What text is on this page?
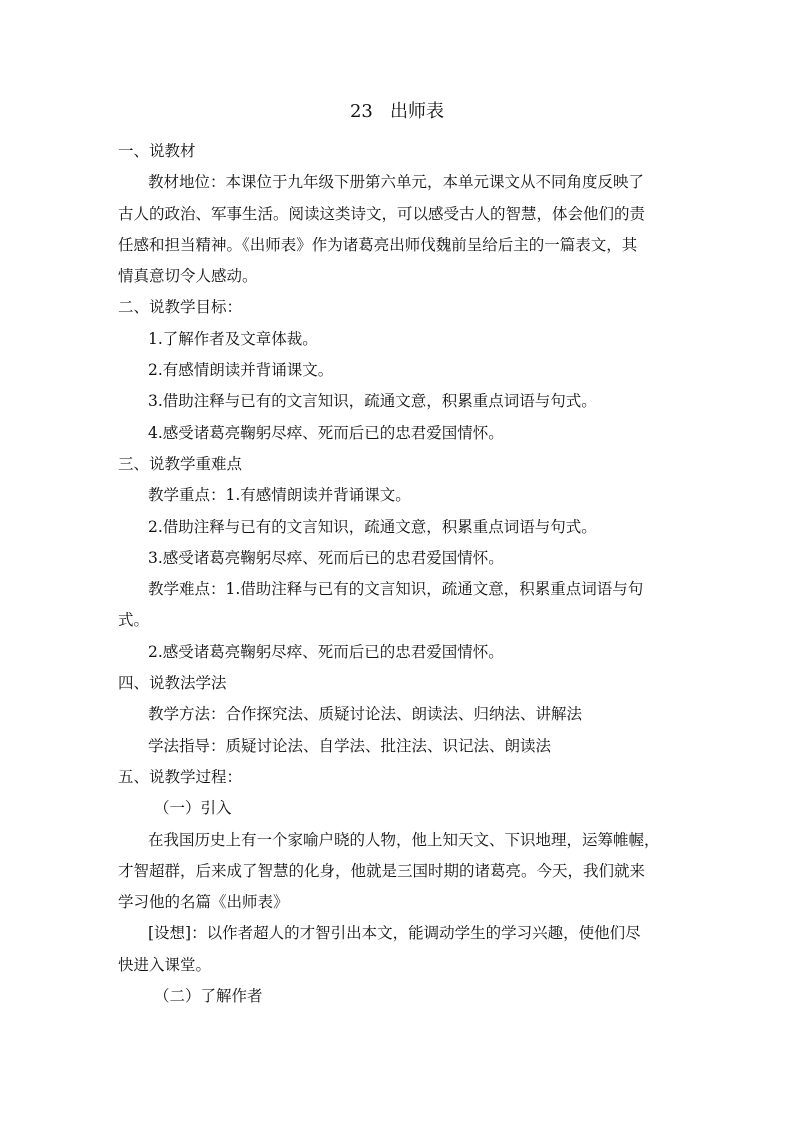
23   出师表
一、说教材
教材地位：本课位于九年级下册第六单元，本单元课文从不同角度反映了
古人的政治、军事生活。阅读这类诗文，可以感受古人的智慧，体会他们的责
任感和担当精神。《出师表》作为诸葛亮出师伐魏前呈给后主的一篇表文，其
情真意切令人感动。
二、说教学目标：
1.了解作者及文章体裁。
2.有感情朗读并背诵课文。
3.借助注释与已有的文言知识，疏通文意，积累重点词语与句式。
4.感受诸葛亮鞠躬尽瘁、死而后已的忠君爱国情怀。
三、说教学重难点
教学重点：1.有感情朗读并背诵课文。
2.借助注释与已有的文言知识，疏通文意，积累重点词语与句式。
3.感受诸葛亮鞠躬尽瘁、死而后已的忠君爱国情怀。
教学难点：1.借助注释与已有的文言知识，疏通文意，积累重点词语与句
式。
2.感受诸葛亮鞠躬尽瘁、死而后已的忠君爱国情怀。
四、说教法学法
教学方法：合作探究法、质疑讨论法、朗读法、归纳法、讲解法
学法指导：质疑讨论法、自学法、批注法、识记法、朗读法
五、说教学过程：
（一）引入
在我国历史上有一个家喻户晓的人物，他上知天文、下识地理，运筹帷幄，
才智超群，后来成了智慧的化身，他就是三国时期的诸葛亮。今天，我们就来
学习他的名篇《出师表》
[设想]：以作者超人的才智引出本文，能调动学生的学习兴趣，使他们尽
快进入课堂。
（二）了解作者
